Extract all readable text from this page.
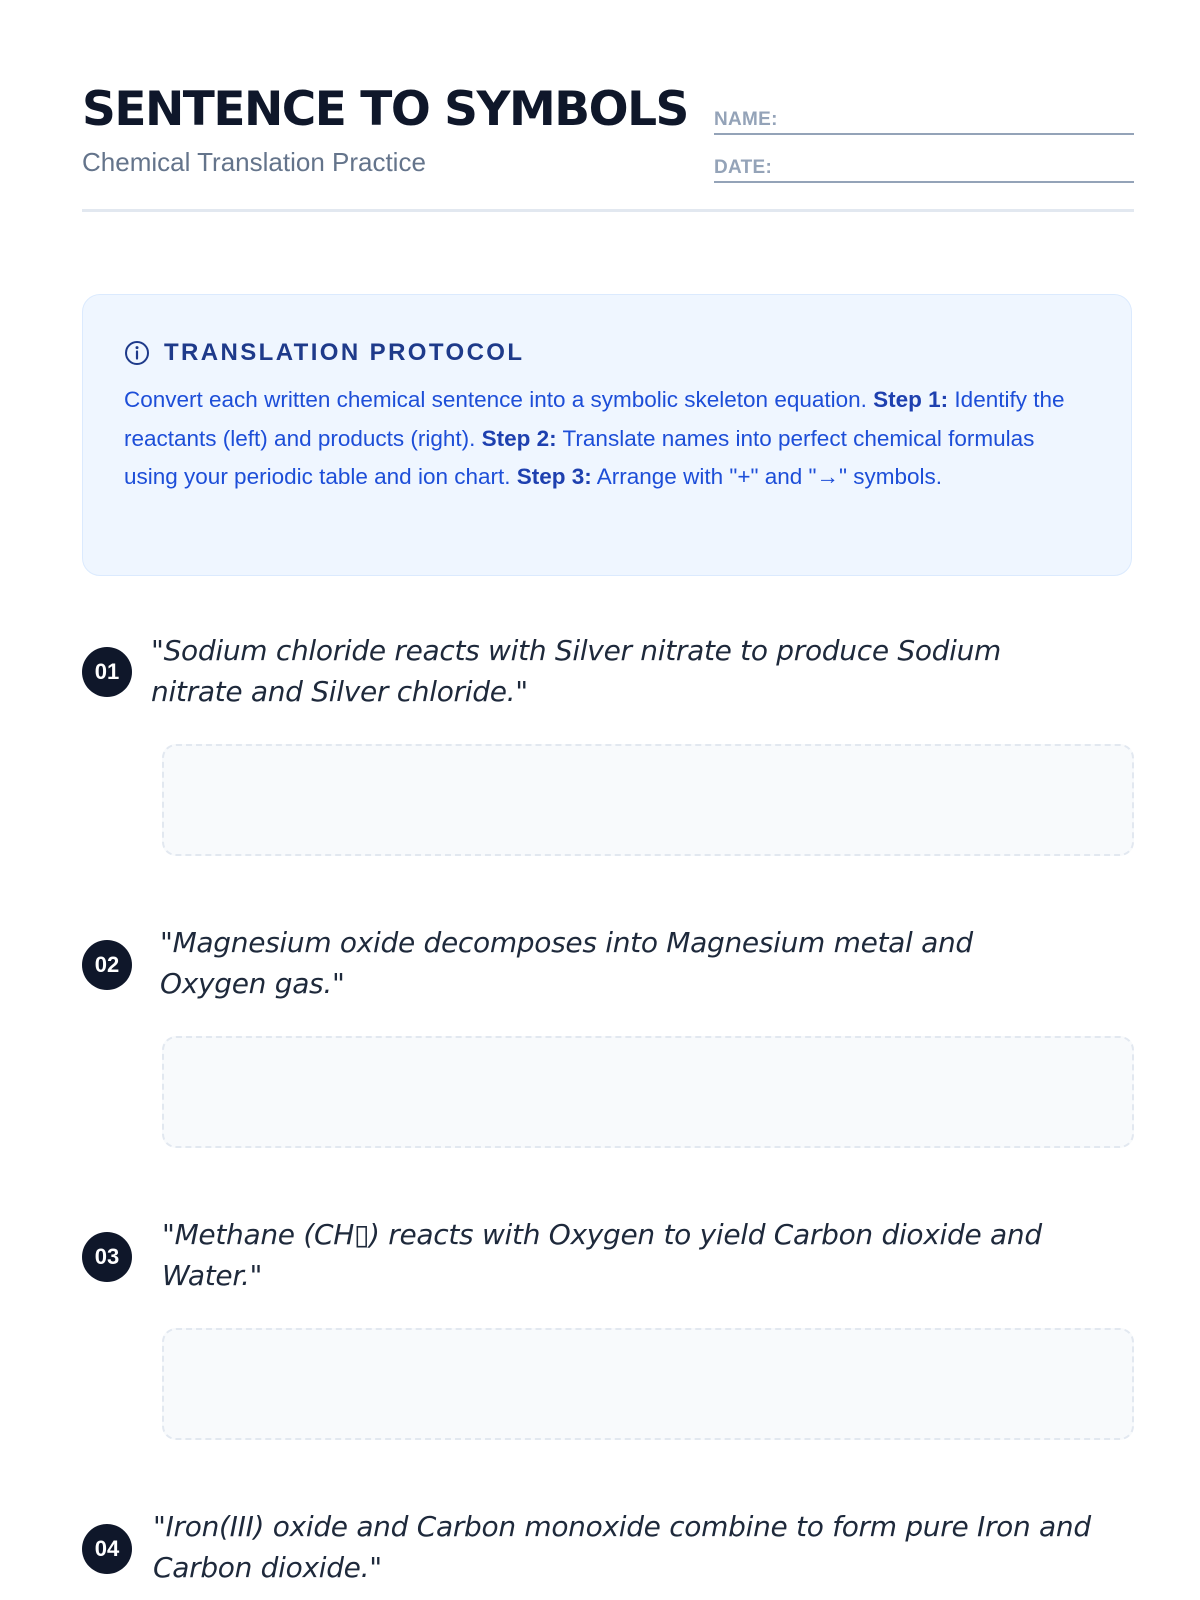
SENTENCE TO SYMBOLS
Chemical Translation Practice
NAME:
DATE:
TRANSLATION PROTOCOL

Convert each written chemical sentence into a symbolic skeleton equation. Step 1: Identify the reactants (left) and products (right). Step 2: Translate names into perfect chemical formulas using your periodic table and ion chart. Step 3: Arrange with "+" and "→" symbols.

01

"Sodium chloride reacts with Silver nitrate to produce Sodium nitrate and Silver chloride."

02

"Magnesium oxide decomposes into Magnesium metal and Oxygen gas."

03

"Methane (CH▯) reacts with Oxygen to yield Carbon dioxide and Water."

04

"Iron(III) oxide and Carbon monoxide combine to form pure Iron and Carbon dioxide."
